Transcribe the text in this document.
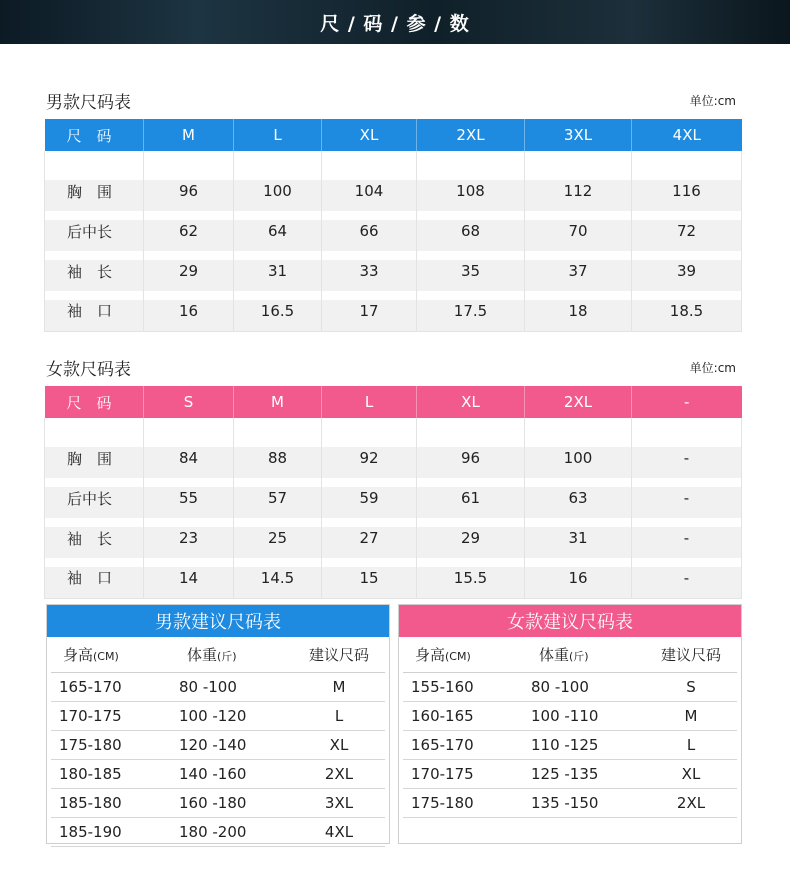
尺 / 码 / 参 / 数
男款尺码表	单位:cm
尺　码	M	L	XL	2XL	3XL	4XL

胸　围	96	100	104	108	112	116
后中长	62	64	66	68	70	72
袖　长	29	31	33	35	37	39
袖　口	16	16.5	17	17.5	18	18.5
女款尺码表	单位:cm
尺　码	S	M	L	XL	2XL	-

胸　围	84	88	92	96	100	-
后中长	55	57	59	61	63	-
袖　长	23	25	27	29	31	-
袖　口	14	14.5	15	15.5	16	-
男款建议尺码表
身高(CM)	体重(斤)	建议尺码
165-170	80 -100	M
170-175	100 -120	L
175-180	120 -140	XL
180-185	140 -160	2XL
185-180	160 -180	3XL
185-190	180 -200	4XL
女款建议尺码表
身高(CM)	体重(斤)	建议尺码
155-160	80 -100	S
160-165	100 -110	M
165-170	110 -125	L
170-175	125 -135	XL
175-180	135 -150	2XL
